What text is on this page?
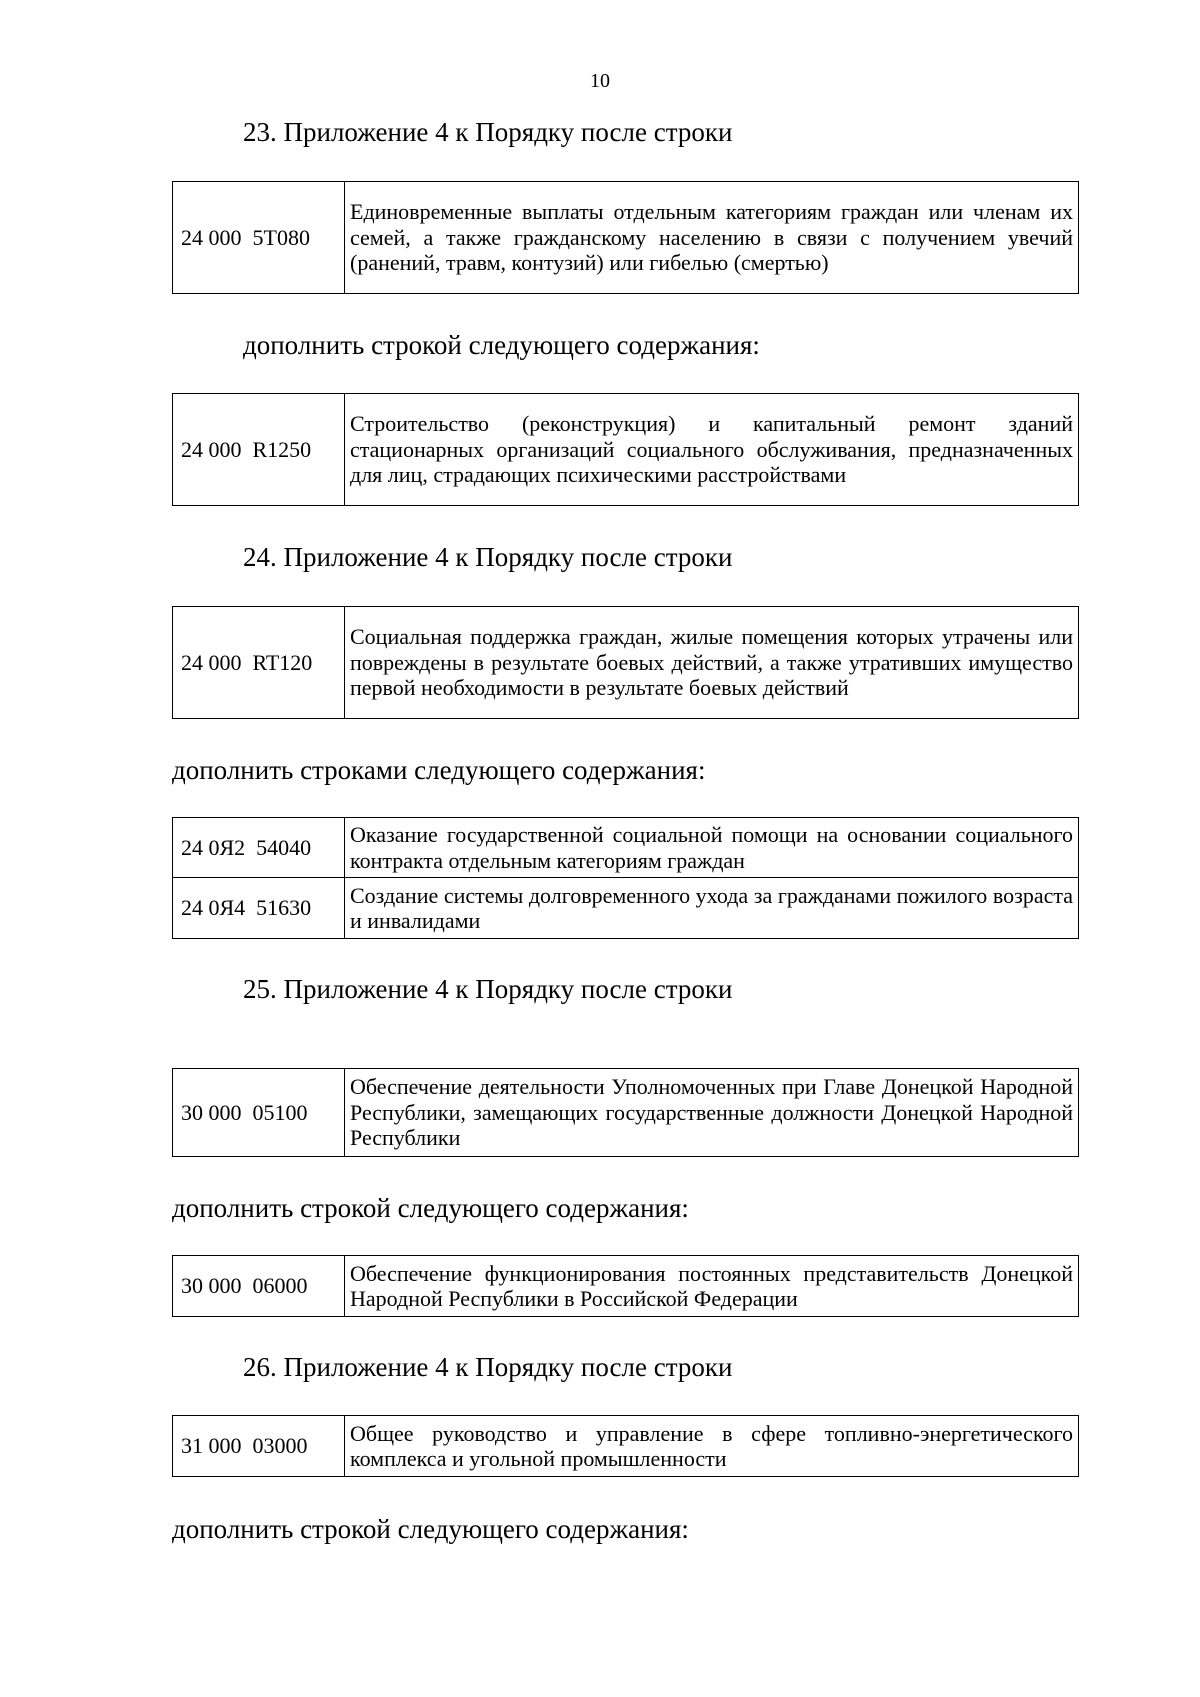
10
23. Приложение 4 к Порядку после строки
24 000  5T080	Единовременные выплаты отдельным категориям граждан или членам их семей, а также гражданскому населению в связи с получением увечий (ранений, травм, контузий) или гибелью (смертью)
дополнить строкой следующего содержания:
24 000  R1250	Строительство (реконструкция) и капитальный ремонт зданий стационарных организаций социального обслуживания, предназначенных для лиц, страдающих психическими расстройствами
24. Приложение 4 к Порядку после строки
24 000  RT120	Социальная поддержка граждан, жилые помещения которых утрачены или повреждены в результате боевых действий, а также утративших имущество первой необходимости в результате боевых действий
дополнить строками следующего содержания:
24 0Я2  54040	Оказание государственной социальной помощи на основании социального контракта отдельным категориям граждан
24 0Я4  51630	Создание системы долговременного ухода за гражданами пожилого возраста и инвалидами
25. Приложение 4 к Порядку после строки
30 000  05100	Обеспечение деятельности Уполномоченных при Главе Донецкой Народной Республики, замещающих государственные должности Донецкой Народной Республики
дополнить строкой следующего содержания:
30 000  06000	Обеспечение функционирования постоянных представительств Донецкой Народной Республики в Российской Федерации
26. Приложение 4 к Порядку после строки
31 000  03000	Общее руководство и управление в сфере топливно-энергетического комплекса и угольной промышленности
дополнить строкой следующего содержания:
